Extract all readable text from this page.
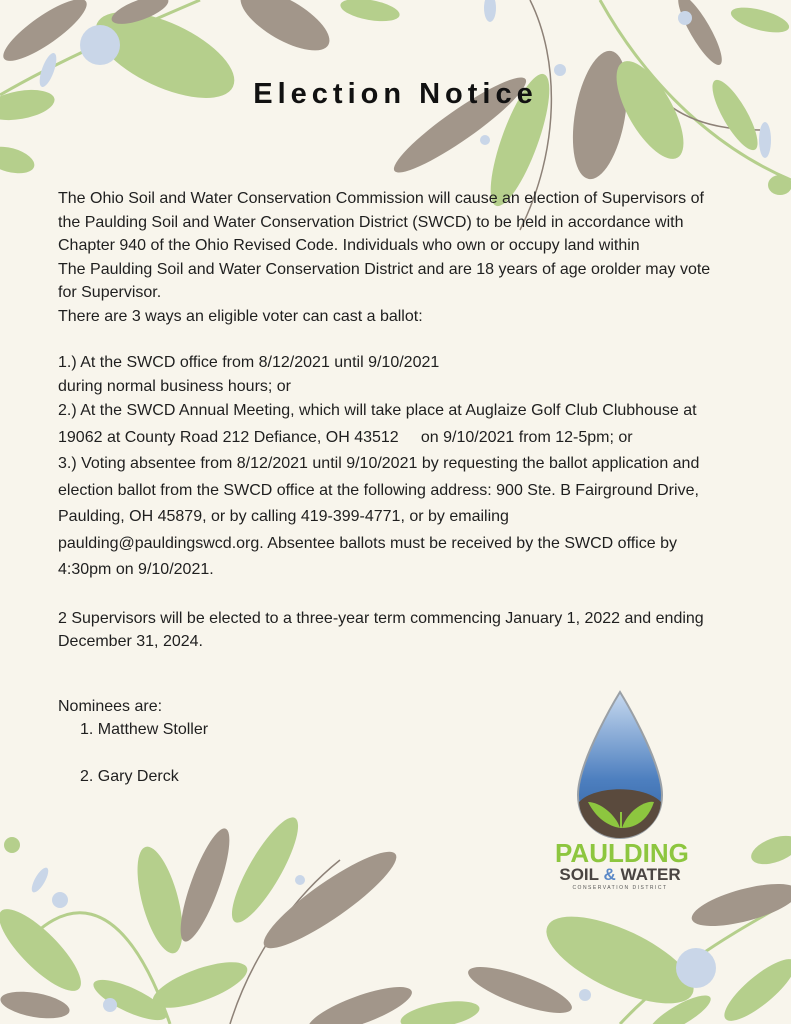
Election Notice

The Ohio Soil and Water Conservation Commission will cause an election of Supervisors of

the Paulding Soil and Water Conservation District (SWCD) to be held in accordance with

Chapter 940 of the Ohio Revised Code. Individuals who own or occupy land within

The Paulding Soil and Water Conservation District and are 18 years of age orolder may vote

for Supervisor.

There are 3 ways an eligible voter can cast a ballot:

1.) At the SWCD office from 8/12/2021 until 9/10/2021

during normal business hours; or

2.) At the SWCD Annual Meeting, which will take place at Auglaize Golf Club Clubhouse at

19062 at County Road 212 Defiance, OH 43512     on 9/10/2021 from 12-5pm; or

3.) Voting absentee from 8/12/2021 until 9/10/2021 by requesting the ballot application and

election ballot from the SWCD office at the following address: 900 Ste. B Fairground Drive,

Paulding, OH 45879, or by calling 419-399-4771, or by emailing

paulding@pauldingswcd.org. Absentee ballots must be received by the SWCD office by

4:30pm on 9/10/2021.

2 Supervisors will be elected to a three-year term commencing January 1, 2022 and ending

December 31, 2024.

Nominees are:

1. Matthew Stoller
2. Gary Derck
PAULDING
SOIL & WATER
CONSERVATION DISTRICT
